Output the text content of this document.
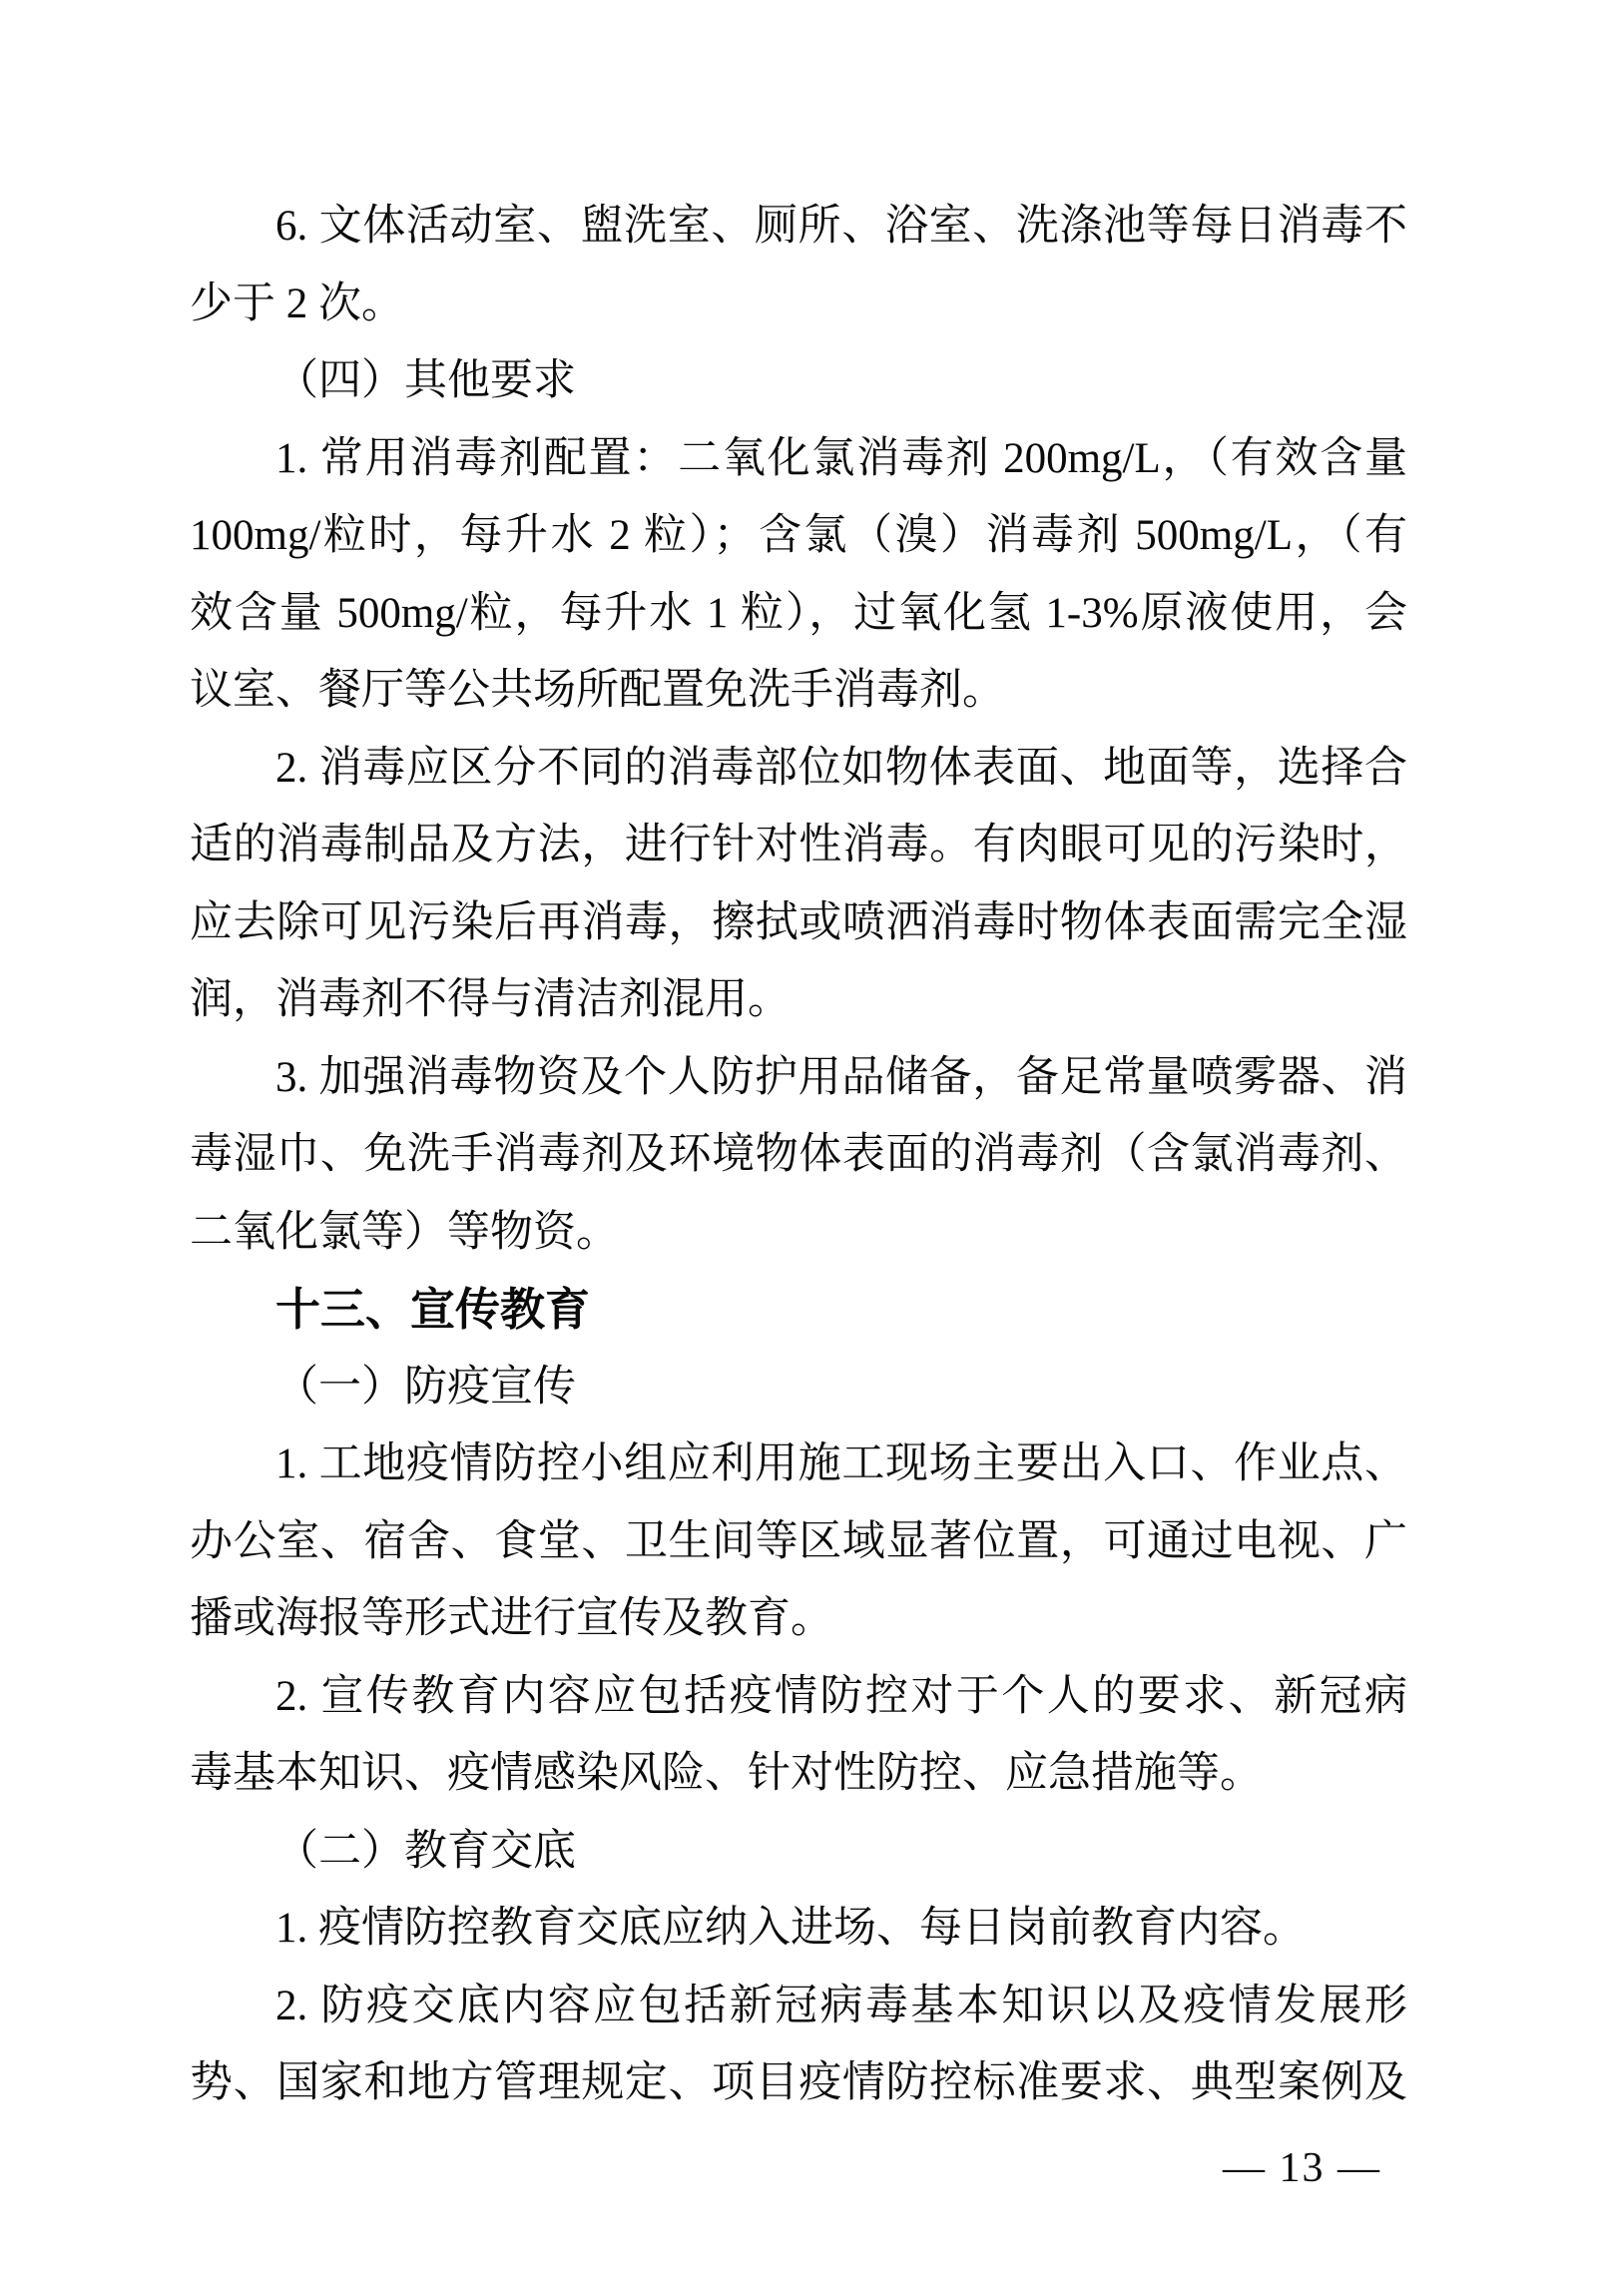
6. 文体活动室、盥洗室、厕所、浴室、洗涤池等每日消毒不
少于 2 次。
（四）其他要求
1. 常用消毒剂配置：二氧化氯消毒剂 200mg/L，（有效含量
100mg/粒时，每升水 2 粒）；含氯（溴）消毒剂 500mg/L，（有
效含量 500mg/粒，每升水 1 粒），过氧化氢 1-3%原液使用，会
议室、餐厅等公共场所配置免洗手消毒剂。
2. 消毒应区分不同的消毒部位如物体表面、地面等，选择合
适的消毒制品及方法，进行针对性消毒。有肉眼可见的污染时，
应去除可见污染后再消毒，擦拭或喷洒消毒时物体表面需完全湿
润，消毒剂不得与清洁剂混用。
3. 加强消毒物资及个人防护用品储备，备足常量喷雾器、消
毒湿巾、免洗手消毒剂及环境物体表面的消毒剂（含氯消毒剂、
二氧化氯等）等物资。
十三、宣传教育
（一）防疫宣传
1. 工地疫情防控小组应利用施工现场主要出入口、作业点、
办公室、宿舍、食堂、卫生间等区域显著位置，可通过电视、广
播或海报等形式进行宣传及教育。
2. 宣传教育内容应包括疫情防控对于个人的要求、新冠病
毒基本知识、疫情感染风险、针对性防控、应急措施等。
（二）教育交底
1. 疫情防控教育交底应纳入进场、每日岗前教育内容。
2. 防疫交底内容应包括新冠病毒基本知识以及疫情发展形
势、国家和地方管理规定、项目疫情防控标准要求、典型案例及
— 13 —
